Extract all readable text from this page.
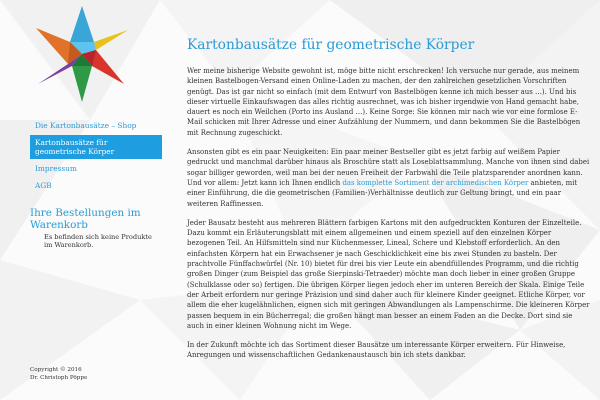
Die Kartonbausätze – Shop
Kartonbausätze für geometrische Körper
Impressum
AGB
Ihre Bestellungen im Warenkorb
Es befinden sich keine Produkte im Warenkorb.
Copyright © 2016
Dr. Christoph Pöppe
Kartonbausätze für geometrische Körper

Wer meine bisherige Website gewohnt ist, möge bitte nicht erschrecken! Ich versuche nur gerade, aus meinem kleinen Bastelbogen-Versand einen Online-Laden zu machen, der den zahlreichen gesetzlichen Vorschriften genügt. Das ist gar nicht so einfach (mit dem Entwurf von Bastelbögen kenne ich mich besser aus …). Und bis dieser virtuelle Einkaufswagen das alles richtig ausrechnet, was ich bisher irgendwie von Hand gemacht habe, dauert es noch ein Weilchen (Porto ins Ausland …). Keine Sorge: Sie können mir nach wie vor eine formlose E-Mail schicken mit Ihrer Adresse und einer Aufzählung der Nummern, und dann bekommen Sie die Bastelbögen mit Rechnung zugeschickt.

Ansonsten gibt es ein paar Neuigkeiten: Ein paar meiner Bestseller gibt es jetzt farbig auf weißem Papier gedruckt und manchmal darüber hinaus als Broschüre statt als Loseblattsammlung. Manche von ihnen sind dabei sogar billiger geworden, weil man bei der neuen Freiheit der Farbwahl die Teile platzsparender anordnen kann. Und vor allem: Jetzt kann ich Ihnen endlich das komplette Sortiment der archimedischen Körper anbieten, mit einer Einführung, die die geometrischen (Familien-)Verhältnisse deutlich zur Geltung bringt, und ein paar weiteren Raffinessen.

Jeder Bausatz besteht aus mehreren Blättern farbigen Kartons mit den aufgedruckten Konturen der Einzelteile. Dazu kommt ein Erläuterungsblatt mit einem allgemeinen und einem speziell auf den einzelnen Körper bezogenen Teil. An Hilfsmitteln sind nur Küchenmesser, Lineal, Schere und Klebstoff erforderlich. An den einfachsten Körpern hat ein Erwachsener je nach Geschicklichkeit eine bis zwei Stunden zu basteln. Der prachtvolle Fünffachwürfel (Nr. 10) bietet für drei bis vier Leute ein abendfüllendes Programm, und die richtig großen Dinger (zum Beispiel das große Sierpinski-Tetraeder) möchte man doch lieber in einer großen Gruppe (Schulklasse oder so) fertigen. Die übrigen Körper liegen jedoch eher im unteren Bereich der Skala. Einige Teile der Arbeit erfordern nur geringe Präzision und sind daher auch für kleinere Kinder geeignet. Etliche Körper, vor allem die eher kugelähnlichen, eignen sich mit geringen Abwandlungen als Lampenschirme. Die kleineren Körper passen bequem in ein Bücherregal; die großen hängt man besser an einem Faden an die Decke. Dort sind sie auch in einer kleinen Wohnung nicht im Wege.

In der Zukunft möchte ich das Sortiment dieser Bausätze um interessante Körper erweitern. Für Hinweise, Anregungen und wissenschaftlichen Gedankenaustausch bin ich stets dankbar.
